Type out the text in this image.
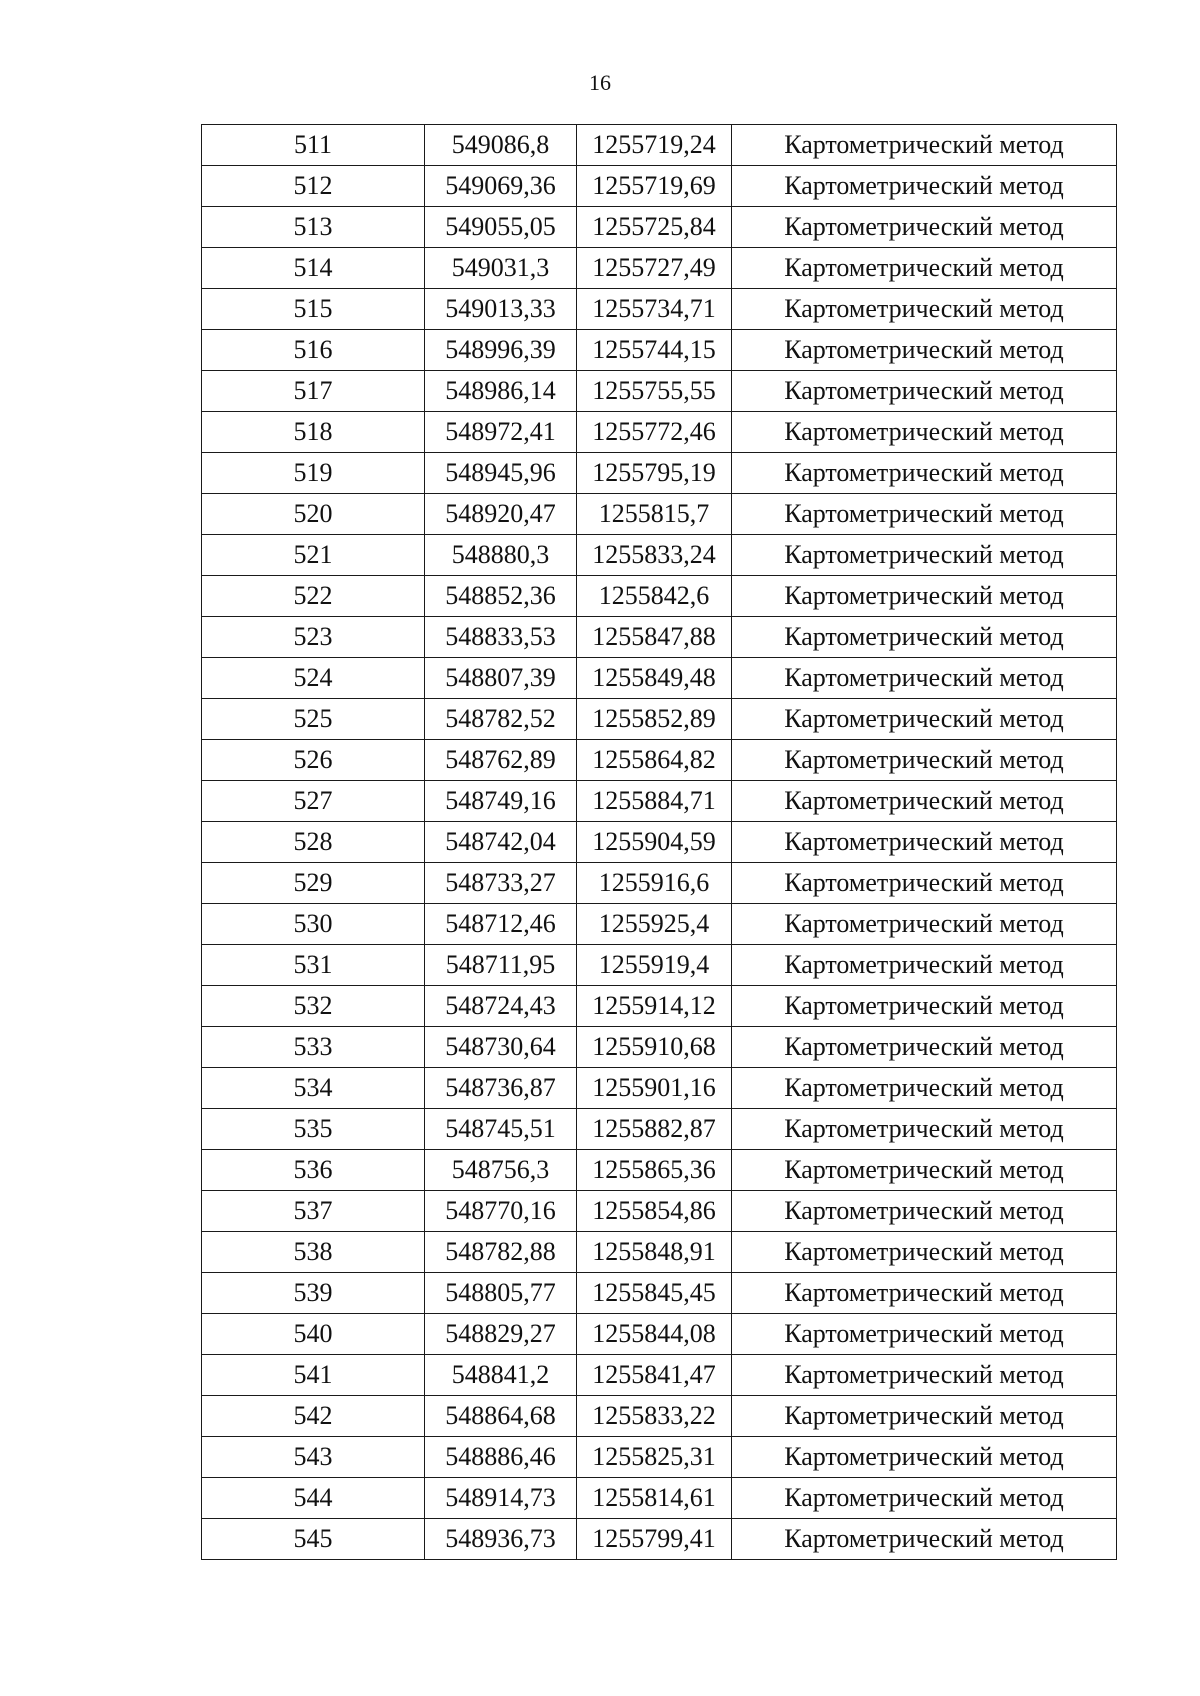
16
511	549086,8	1255719,24	Картометрический метод
512	549069,36	1255719,69	Картометрический метод
513	549055,05	1255725,84	Картометрический метод
514	549031,3	1255727,49	Картометрический метод
515	549013,33	1255734,71	Картометрический метод
516	548996,39	1255744,15	Картометрический метод
517	548986,14	1255755,55	Картометрический метод
518	548972,41	1255772,46	Картометрический метод
519	548945,96	1255795,19	Картометрический метод
520	548920,47	1255815,7	Картометрический метод
521	548880,3	1255833,24	Картометрический метод
522	548852,36	1255842,6	Картометрический метод
523	548833,53	1255847,88	Картометрический метод
524	548807,39	1255849,48	Картометрический метод
525	548782,52	1255852,89	Картометрический метод
526	548762,89	1255864,82	Картометрический метод
527	548749,16	1255884,71	Картометрический метод
528	548742,04	1255904,59	Картометрический метод
529	548733,27	1255916,6	Картометрический метод
530	548712,46	1255925,4	Картометрический метод
531	548711,95	1255919,4	Картометрический метод
532	548724,43	1255914,12	Картометрический метод
533	548730,64	1255910,68	Картометрический метод
534	548736,87	1255901,16	Картометрический метод
535	548745,51	1255882,87	Картометрический метод
536	548756,3	1255865,36	Картометрический метод
537	548770,16	1255854,86	Картометрический метод
538	548782,88	1255848,91	Картометрический метод
539	548805,77	1255845,45	Картометрический метод
540	548829,27	1255844,08	Картометрический метод
541	548841,2	1255841,47	Картометрический метод
542	548864,68	1255833,22	Картометрический метод
543	548886,46	1255825,31	Картометрический метод
544	548914,73	1255814,61	Картометрический метод
545	548936,73	1255799,41	Картометрический метод
